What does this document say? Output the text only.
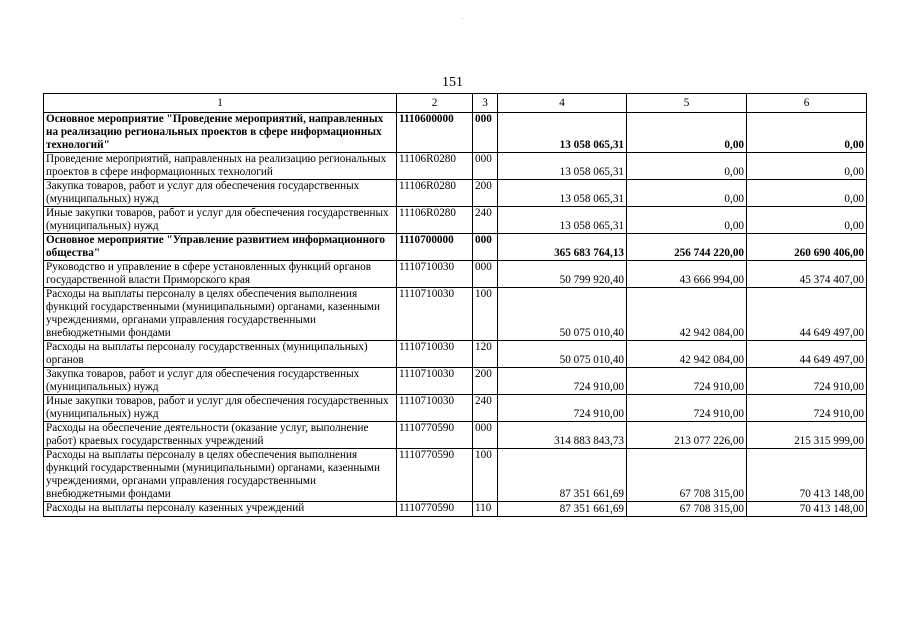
151
1	2	3	4	5	6
Основное мероприятие "Проведение мероприятий, направленных на реализацию региональных проектов в сфере информационных технологий"	1110600000	000	13 058 065,31	0,00	0,00
Проведение мероприятий, направленных на реализацию региональных проектов в сфере информационных технологий	11106R0280	000	13 058 065,31	0,00	0,00
Закупка товаров, работ и услуг для обеспечения государственных (муниципальных) нужд	11106R0280	200	13 058 065,31	0,00	0,00
Иные закупки товаров, работ и услуг для обеспечения государственных (муниципальных) нужд	11106R0280	240	13 058 065,31	0,00	0,00
Основное мероприятие "Управление развитием информационного общества"	1110700000	000	365 683 764,13	256 744 220,00	260 690 406,00
Руководство и управление в сфере установленных функций органов государственной власти Приморского края	1110710030	000	50 799 920,40	43 666 994,00	45 374 407,00
Расходы на выплаты персоналу в целях обеспечения выполнения функций государственными (муниципальными) органами, казенными учреждениями, органами управления государственными внебюджетными фондами	1110710030	100	50 075 010,40	42 942 084,00	44 649 497,00
Расходы на выплаты персоналу государственных (муниципальных) органов	1110710030	120	50 075 010,40	42 942 084,00	44 649 497,00
Закупка товаров, работ и услуг для обеспечения государственных (муниципальных) нужд	1110710030	200	724 910,00	724 910,00	724 910,00
Иные закупки товаров, работ и услуг для обеспечения государственных (муниципальных) нужд	1110710030	240	724 910,00	724 910,00	724 910,00
Расходы на обеспечение деятельности (оказание услуг, выполнение работ) краевых государственных учреждений	1110770590	000	314 883 843,73	213 077 226,00	215 315 999,00
Расходы на выплаты персоналу в целях обеспечения выполнения функций государственными (муниципальными) органами, казенными учреждениями, органами управления государственными внебюджетными фондами	1110770590	100	87 351 661,69	67 708 315,00	70 413 148,00
Расходы на выплаты персоналу казенных учреждений	1110770590	110	87 351 661,69	67 708 315,00	70 413 148,00
